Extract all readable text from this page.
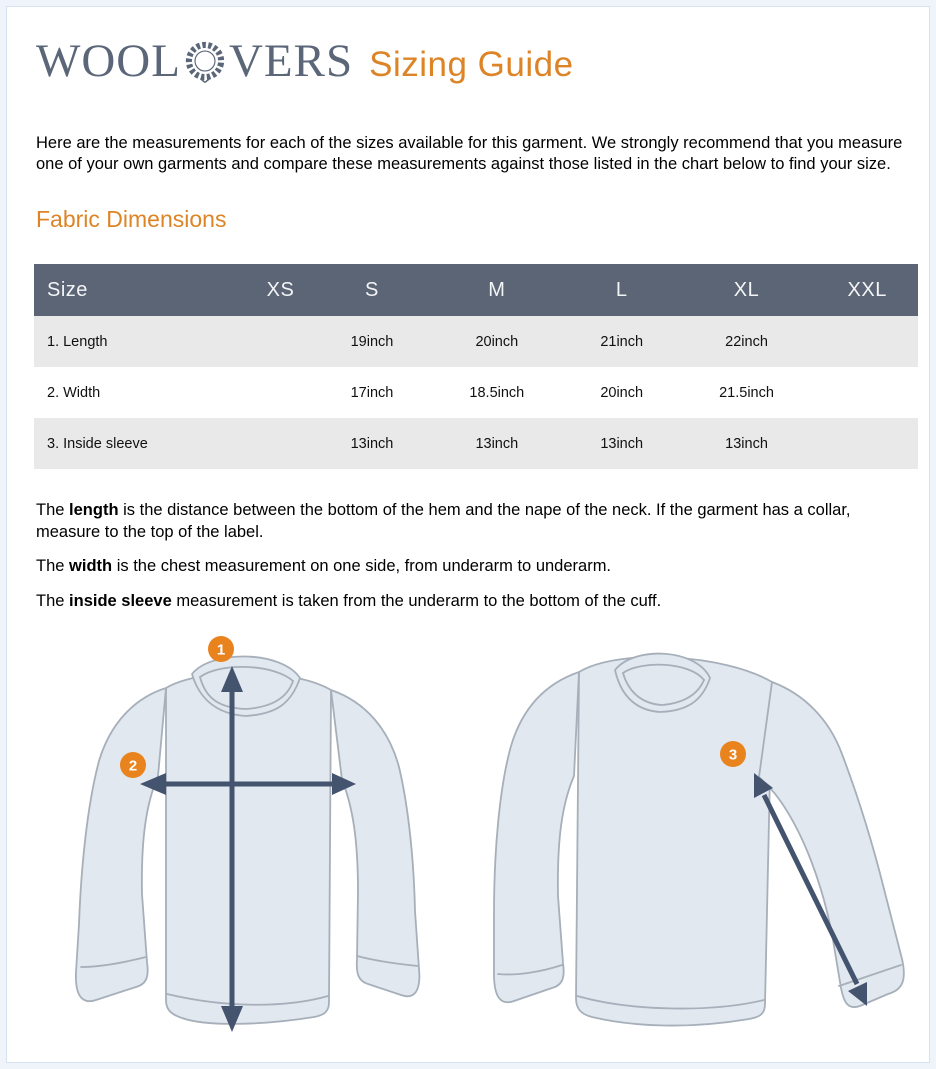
WOOL VERS Sizing Guide

Here are the measurements for each of the sizes available for this garment. We strongly recommend that you measure one of your own garments and compare these measurements against those listed in the chart below to find your size.

Fabric Dimensions
Size	XS	S	M	L	XL	XXL
1. Length		19inch	20inch	21inch	22inch	
2. Width		17inch	18.5inch	20inch	21.5inch	
3. Inside sleeve		13inch	13inch	13inch	13inch	

The length is the distance between the bottom of the hem and the nape of the neck. If the garment has a collar, measure to the top of the label.

The width is the chest measurement on one side, from underarm to underarm.

The inside sleeve measurement is taken from the underarm to the bottom of the cuff.

1
2
3
